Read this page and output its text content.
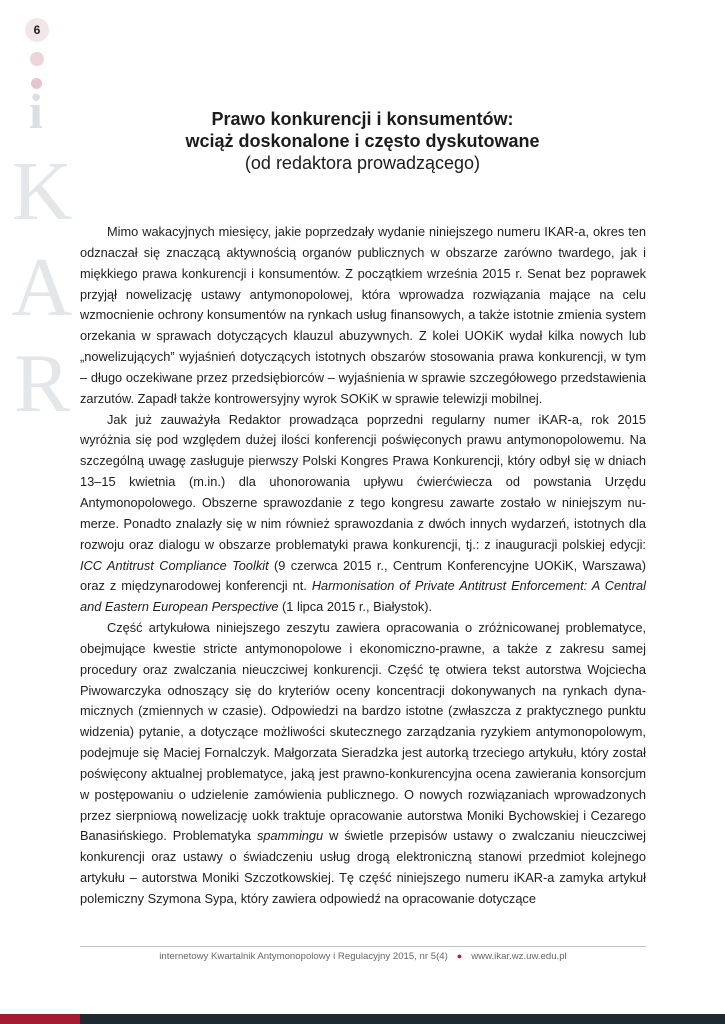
6
i
K
A
R
Prawo konkurencji i konsumentów:
wciąż doskonalone i często dyskutowane
(od redaktora prowadzącego)

Mimo wakacyjnych miesięcy, jakie poprzedzały wydanie niniejszego numeru IKAR-a, okres ten odznaczał się znaczącą aktywnością organów publicznych w obszarze zarówno twardego, jak i miękkiego prawa konkurencji i konsumentów. Z początkiem września 2015 r. Senat bez poprawek przyjął nowelizację ustawy antymonopolowej, która wprowadza rozwiązania mające na celu wzmocnienie ochrony konsumentów na rynkach usług finansowych, a także istotnie zmienia system orzekania w sprawach dotyczących klauzul abuzywnych. Z kolei UOKiK wydał kilka nowych lub „nowelizujących” wyjaśnień dotyczących istotnych obszarów stosowania prawa konkurencji, w tym – długo oczekiwane przez przedsiębiorców – wyjaśnienia w sprawie szczegółowego przedstawienia zarzutów. Zapadł także kontrowersyjny wyrok SOKiK w sprawie telewizji mobilnej.

Jak już zauważyła Redaktor prowadząca poprzedni regularny numer iKAR-a, rok 2015 wyróżnia się pod względem dużej ilości konferencji poświęconych prawu antymonopolowemu. Na szczególną uwagę zasługuje pierwszy Polski Kongres Prawa Konkurencji, który odbył się w dniach 13–15 kwietnia (m.in.) dla uhonorowania upływu ćwierćwiecza od powstania Urzędu Antymonopolowego. Obszerne sprawozdanie z tego kongresu zawarte zostało w niniejszym numerze. Ponadto znalazły się w nim również sprawozdania z dwóch innych wydarzeń, istotnych dla rozwoju oraz dialogu w obszarze problematyki prawa konkurencji, tj.: z inauguracji polskiej edycji: ICC Antitrust Compliance Toolkit (9 czerwca 2015 r., Centrum Konferencyjne UOKiK, Warszawa) oraz z międzynarodowej konferencji nt. Harmonisation of Private Antitrust Enforcement: A Central and Eastern European Perspective (1 lipca 2015 r., Białystok).

Część artykułowa niniejszego zeszytu zawiera opracowania o zróżnicowanej problematyce, obejmujące kwestie stricte antymonopolowe i ekonomiczno-prawne, a także z zakresu samej procedury oraz zwalczania nieuczciwej konkurencji. Część tę otwiera tekst autorstwa Wojciecha Piwowarczyka odnoszący się do kryteriów oceny koncentracji dokonywanych na rynkach dynamicznych (zmiennych w czasie). Odpowiedzi na bardzo istotne (zwłaszcza z praktycznego punktu widzenia) pytanie, a dotyczące możliwości skutecznego zarządzania ryzykiem antymonopolowym, podejmuje się Maciej Fornalczyk. Małgorzata Sieradzka jest autorką trzeciego artykułu, który został poświęcony aktualnej problematyce, jaką jest prawno-konkurencyjna ocena zawierania konsorcjum w postępowaniu o udzielenie zamówienia publicznego. O nowych rozwiązaniach wprowadzonych przez sierpniową nowelizację uokk traktuje opracowanie autorstwa Moniki Bychowskiej i Cezarego Banasińskiego. Problematyka spammingu w świetle przepisów ustawy o zwalczaniu nieuczciwej konkurencji oraz ustawy o świadczeniu usług drogą elektroniczną stanowi przedmiot kolejnego artykułu – autorstwa Moniki Szczotkowskiej. Tę część niniejszego numeru iKAR-a zamyka artykuł polemiczny Szymona Sypa, który zawiera odpowiedź na opracowanie dotyczące

internetowy Kwartalnik Antymonopolowy i Regulacyjny 2015, nr 5(4) ● www.ikar.wz.uw.edu.pl
